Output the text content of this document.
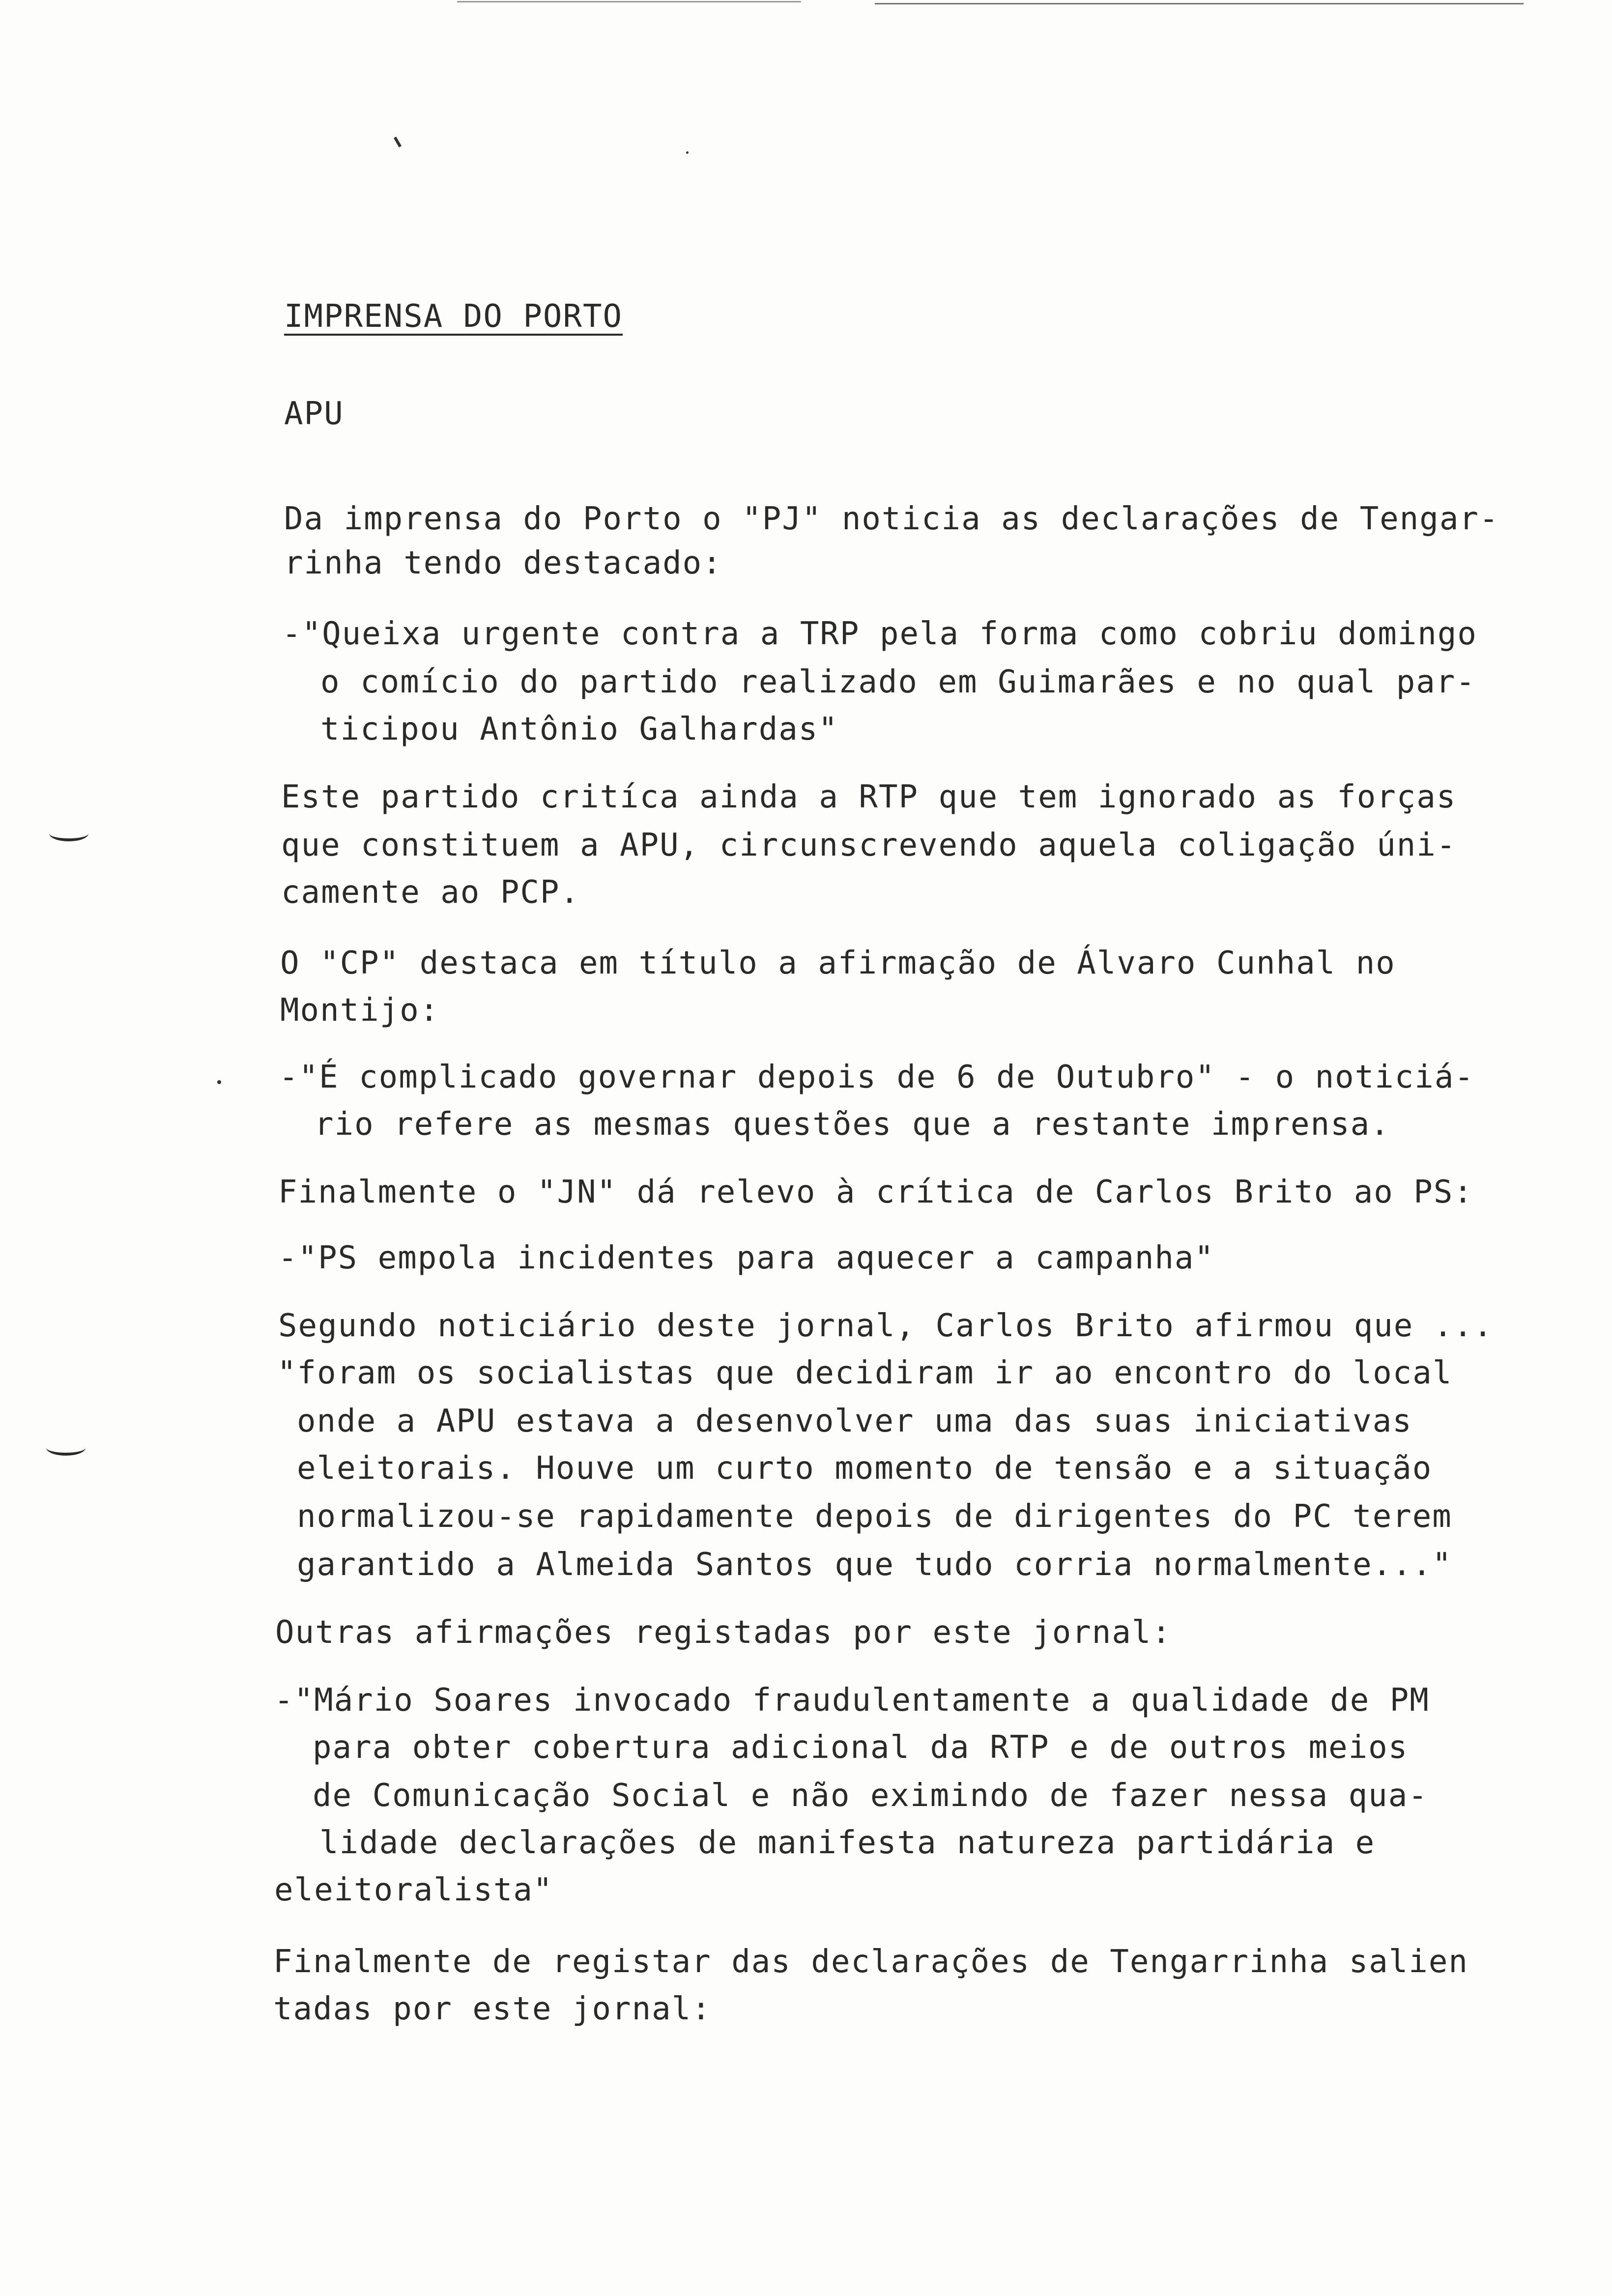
IMPRENSA DO PORTO
APU
Da imprensa do Porto o "PJ" noticia as declarações de Tengar-
rinha tendo destacado:
-"Queixa urgente contra a TRP pela forma como cobriu domingo
o comício do partido realizado em Guimarães e no qual par-
ticipou Antônio Galhardas"
Este partido critíca ainda a RTP que tem ignorado as forças
que constituem a APU, circunscrevendo aquela coligação úni-
camente ao PCP.
O "CP" destaca em título a afirmação de Álvaro Cunhal no
Montijo:
-"É complicado governar depois de 6 de Outubro" - o noticiá-
rio refere as mesmas questões que a restante imprensa.
Finalmente o "JN" dá relevo à crítica de Carlos Brito ao PS:
-"PS empola incidentes para aquecer a campanha"
Segundo noticiário deste jornal, Carlos Brito afirmou que ...
"foram os socialistas que decidiram ir ao encontro do local
onde a APU estava a desenvolver uma das suas iniciativas
eleitorais. Houve um curto momento de tensão e a situação
normalizou-se rapidamente depois de dirigentes do PC terem
garantido a Almeida Santos que tudo corria normalmente..."
Outras afirmações registadas por este jornal:
-"Mário Soares invocado fraudulentamente a qualidade de PM
para obter cobertura adicional da RTP e de outros meios
de Comunicação Social e não eximindo de fazer nessa qua-
lidade declarações de manifesta natureza partidária e
eleitoralista"
Finalmente de registar das declarações de Tengarrinha salien
tadas por este jornal:
